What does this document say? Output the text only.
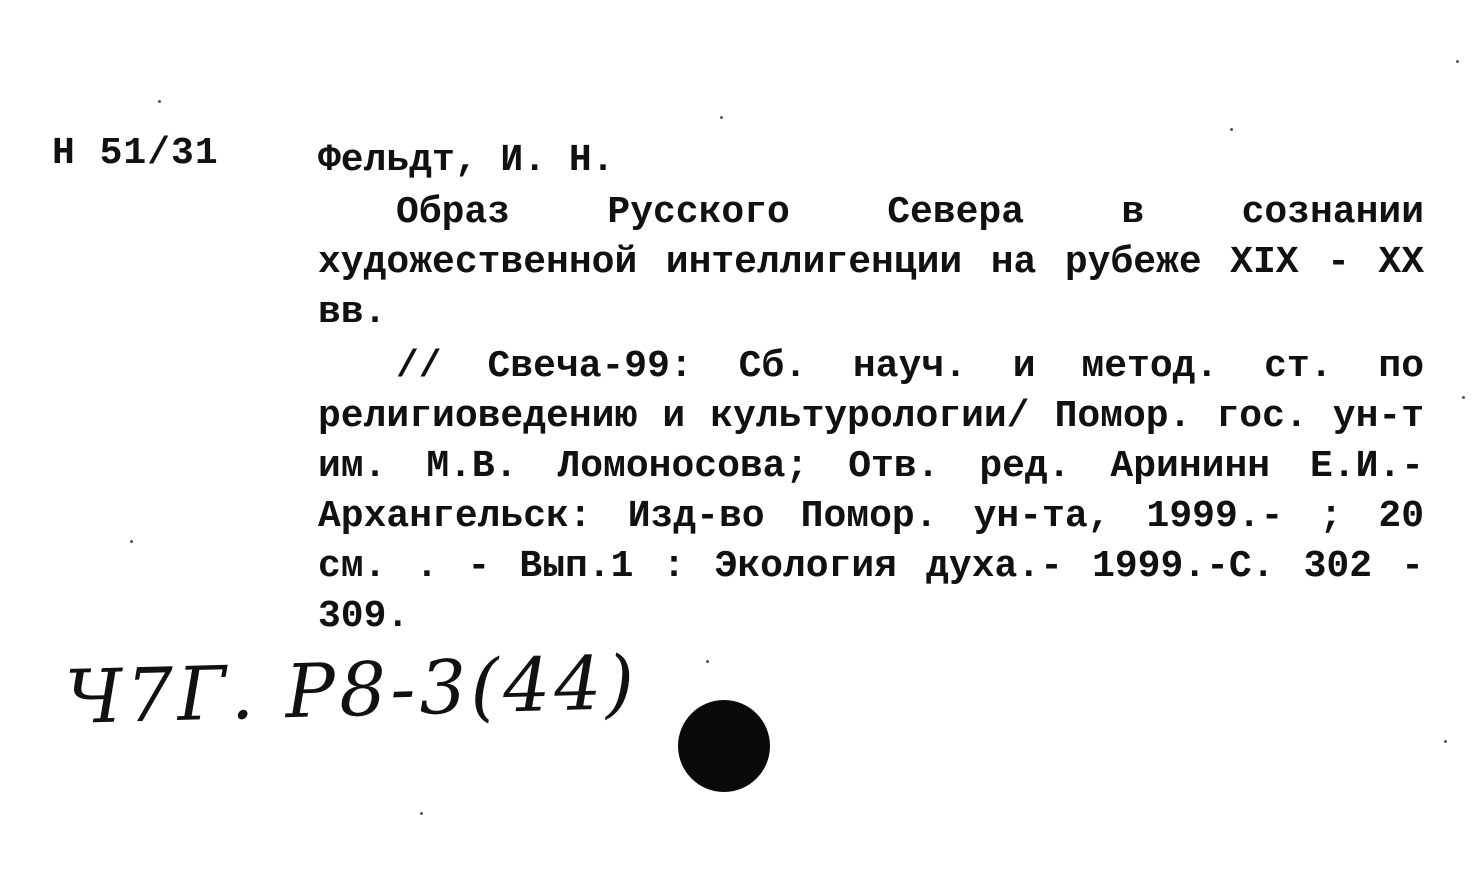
Н 51/31	Фельдт, И. Н.

Образ Русского Севера в сознании художественной интеллигенции на рубеже XIX - XX вв.

// Свеча-99: Сб. науч. и метод. ст. по религиоведению и культурологии/ Помор. гос. ун-т им. М.В. Ломоносова; Отв. ред. Арининн Е.И.- Архангельск: Изд-во Помор. ун-та, 1999.- ; 20 см. . - Вып.1 : Экология духа.- 1999.-С. 302 - 309.

Ч7Г. Р8-3(44)
